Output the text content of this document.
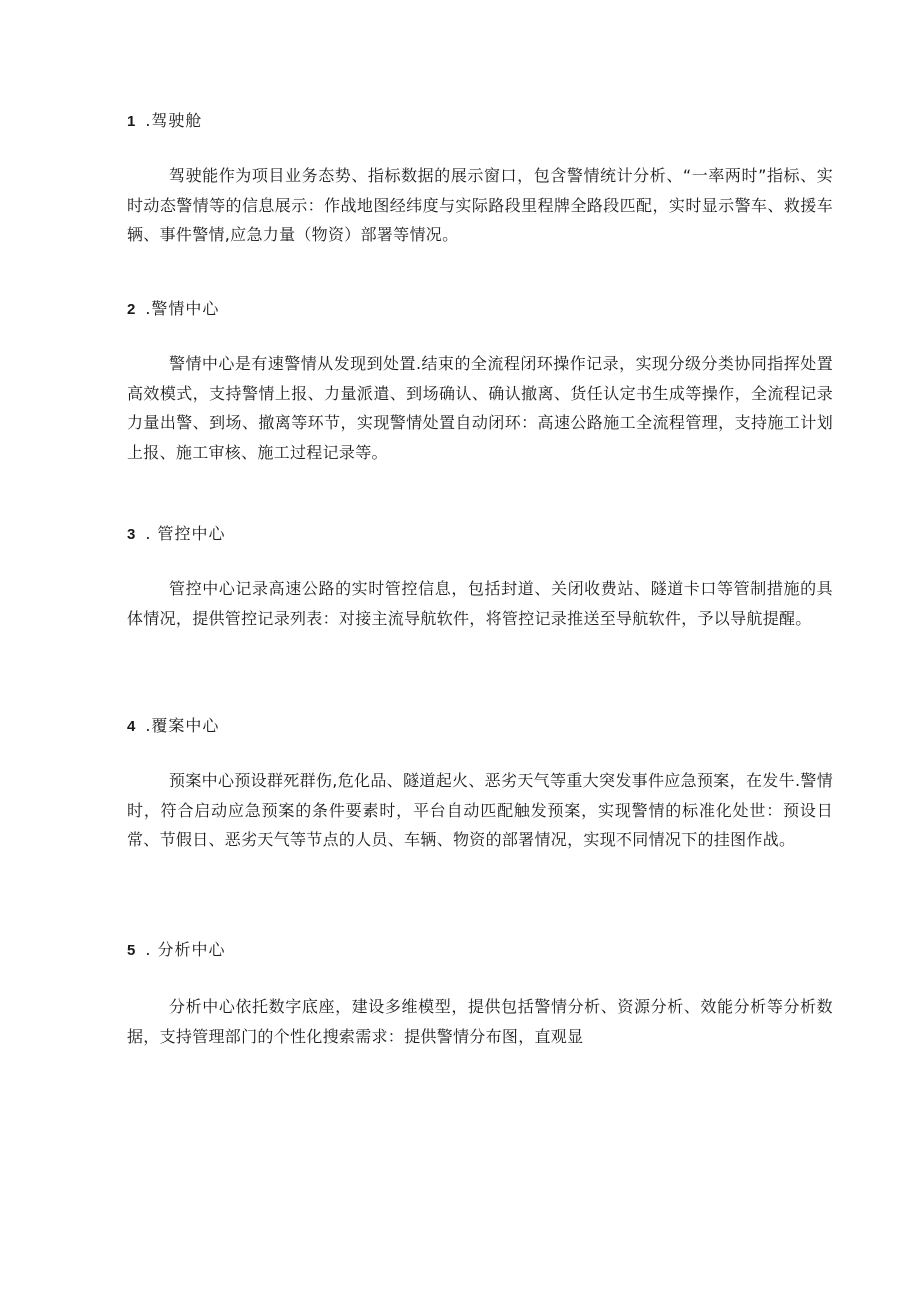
1 .驾驶舱

驾驶能作为项目业务态势、指标数据的展示窗口，包含警情统计分析、“一率两时”指标、实时动态警情等的信息展示：作战地图经纬度与实际路段里程牌全路段匹配，实时显示警车、救援车辆、事件警情,应急力量（物资）部署等情况。

2 .警情中心

警情中心是有速警情从发现到处置.结束的全流程闭环操作记录，实现分级分类协同指挥处置高效模式，支持警情上报、力量派遣、到场确认、确认撤离、货任认定书生成等操作，全流程记录力量出警、到场、撤离等环节，实现警情处置自动闭环：高速公路施工全流程管理，支持施工计划上报、施工审核、施工过程记录等。

3 . 管控中心

管控中心记录高速公路的实时管控信息，包括封道、关闭收费站、隧道卡口等管制措施的具体情况，提供管控记录列表：对接主流导航软件，将管控记录推送至导航软件，予以导航提醒。

4 .覆案中心

预案中心预设群死群伤,危化品、隧道起火、恶劣天气等重大突发事件应急预案，在发牛.警情时，符合启动应急预案的条件要素时，平台自动匹配触发预案，实现警情的标准化处世：预设日常、节假日、恶劣天气等节点的人员、车辆、物资的部署情况，实现不同情况下的挂图作战。

5 . 分析中心

分析中心依托数字底座，建设多维模型，提供包括警情分析、资源分析、效能分析等分析数据，支持管理部门的个性化搜索需求：提供警情分布图，直观显
